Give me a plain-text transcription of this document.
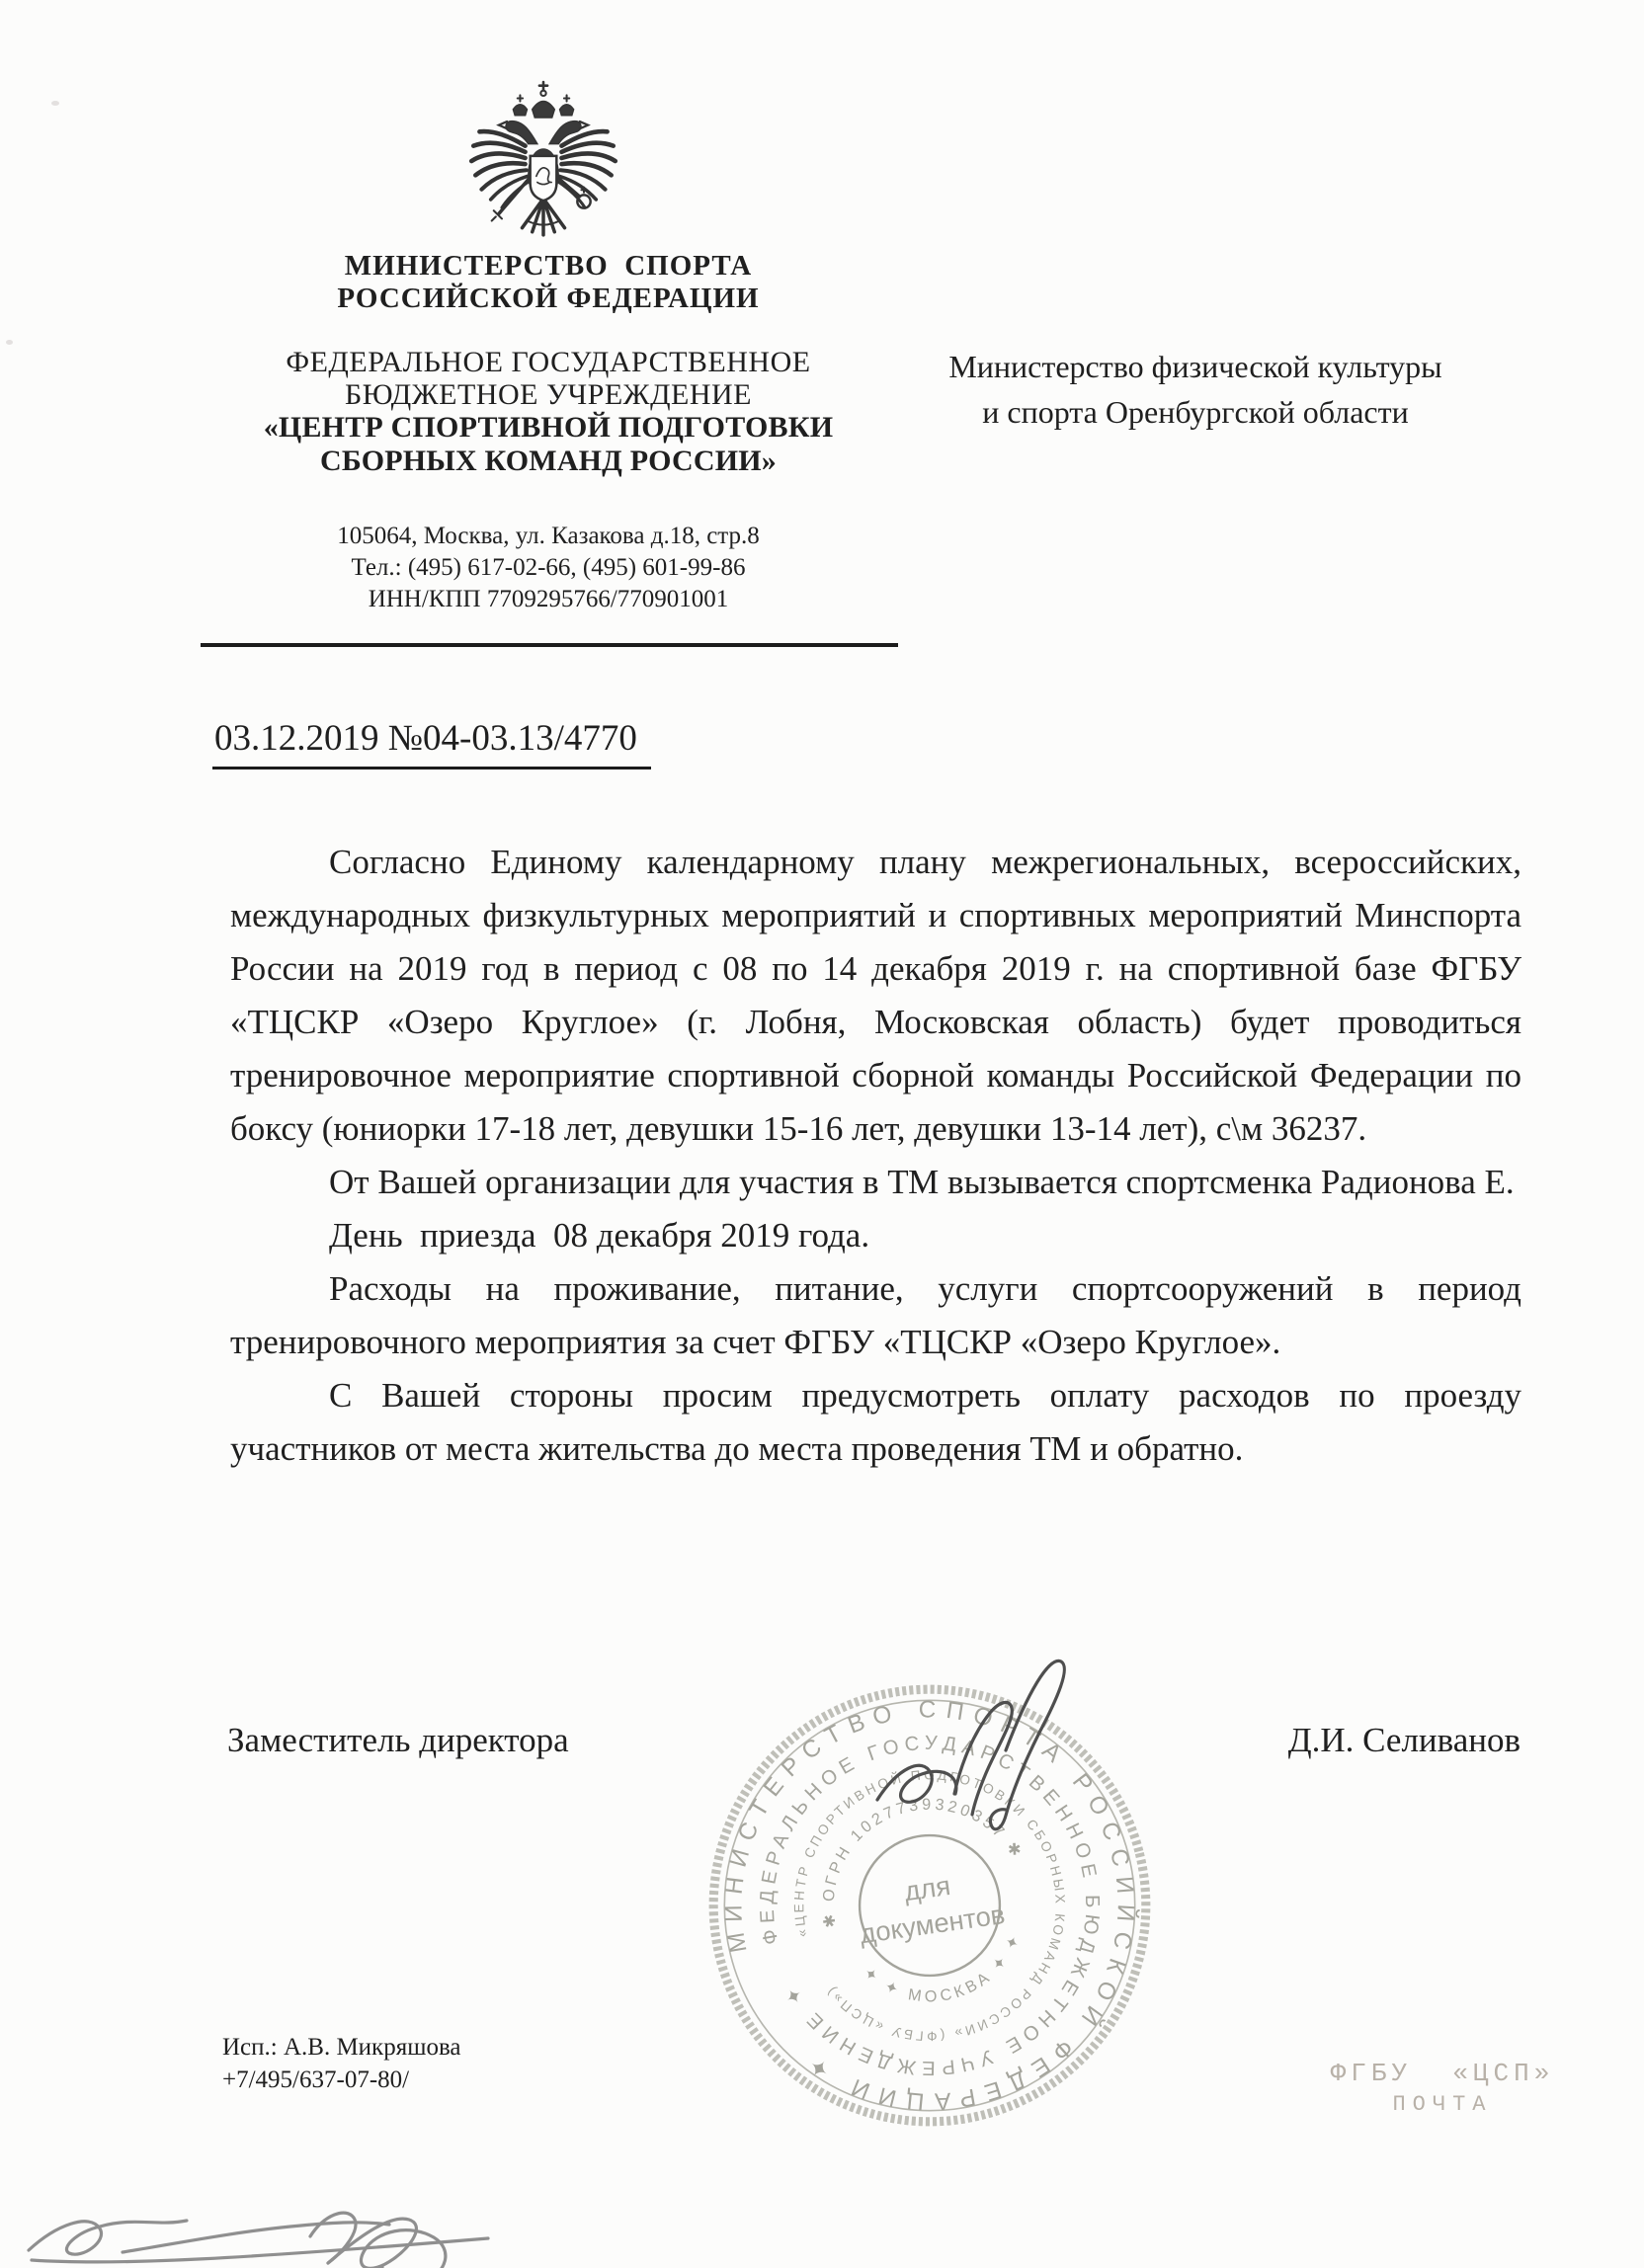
МИНИСТЕРСТВО  СПОРТА
РОССИЙСКОЙ ФЕДЕРАЦИИ
ФЕДЕРАЛЬНОЕ ГОСУДАРСТВЕННОЕ
БЮДЖЕТНОЕ УЧРЕЖДЕНИЕ
«ЦЕНТР СПОРТИВНОЙ ПОДГОТОВКИ
СБОРНЫХ КОМАНД РОССИИ»
105064, Москва, ул. Казакова д.18, стр.8
Тел.: (495) 617-02-66, (495) 601-99-86
ИНН/КПП 7709295766/770901001
Министерство физической культуры
и спорта Оренбургской области
03.12.2019 №04-03.13/4770

Согласно Единому календарному плану межрегиональных, всероссийских, международных физкультурных мероприятий и спортивных мероприятий Минспорта России на 2019 год в период с 08 по 14 декабря 2019 г. на спортивной базе ФГБУ «ТЦСКР «Озеро Круглое» (г. Лобня, Московская область) будет проводиться тренировочное мероприятие спортивной сборной команды Российской Федерации по боксу (юниорки 17-18 лет, девушки 15-16 лет, девушки 13-14 лет), с\м 36237.

От Вашей организации для участия в ТМ вызывается спортсменка Радионова Е.

День  приезда  08 декабря 2019 года.

Расходы на проживание, питание, услуги спортсооружений в период тренировочного мероприятия за счет ФГБУ «ТЦСКР «Озеро Круглое».

С Вашей стороны просим предусмотреть оплату расходов по проезду участников от места жительства до места проведения ТМ и обратно.

Заместитель директора	Д.И. Селиванов
МИНИСТЕРСТВО СПОРТА РОССИЙСКОЙ ФЕДЕРАЦИИ ✦
ФЕДЕРАЛЬНОЕ ГОСУДАРСТВЕННОЕ БЮДЖЕТНОЕ УЧРЕЖДЕНИЕ ✦
«ЦЕНТР СПОРТИВНОЙ ПОДГОТОВКИ СБОРНЫХ КОМАНД РОССИИ» (ФГБУ «ЦСП»)
✱ ОГРН 1027739320357 ✱
✦ ✦ МОСКВА ✦ ✦
для
документов
Исп.: А.В. Микряшова
+7/495/637-07-80/	ФГБУ  «ЦСП»
ПОЧТА
